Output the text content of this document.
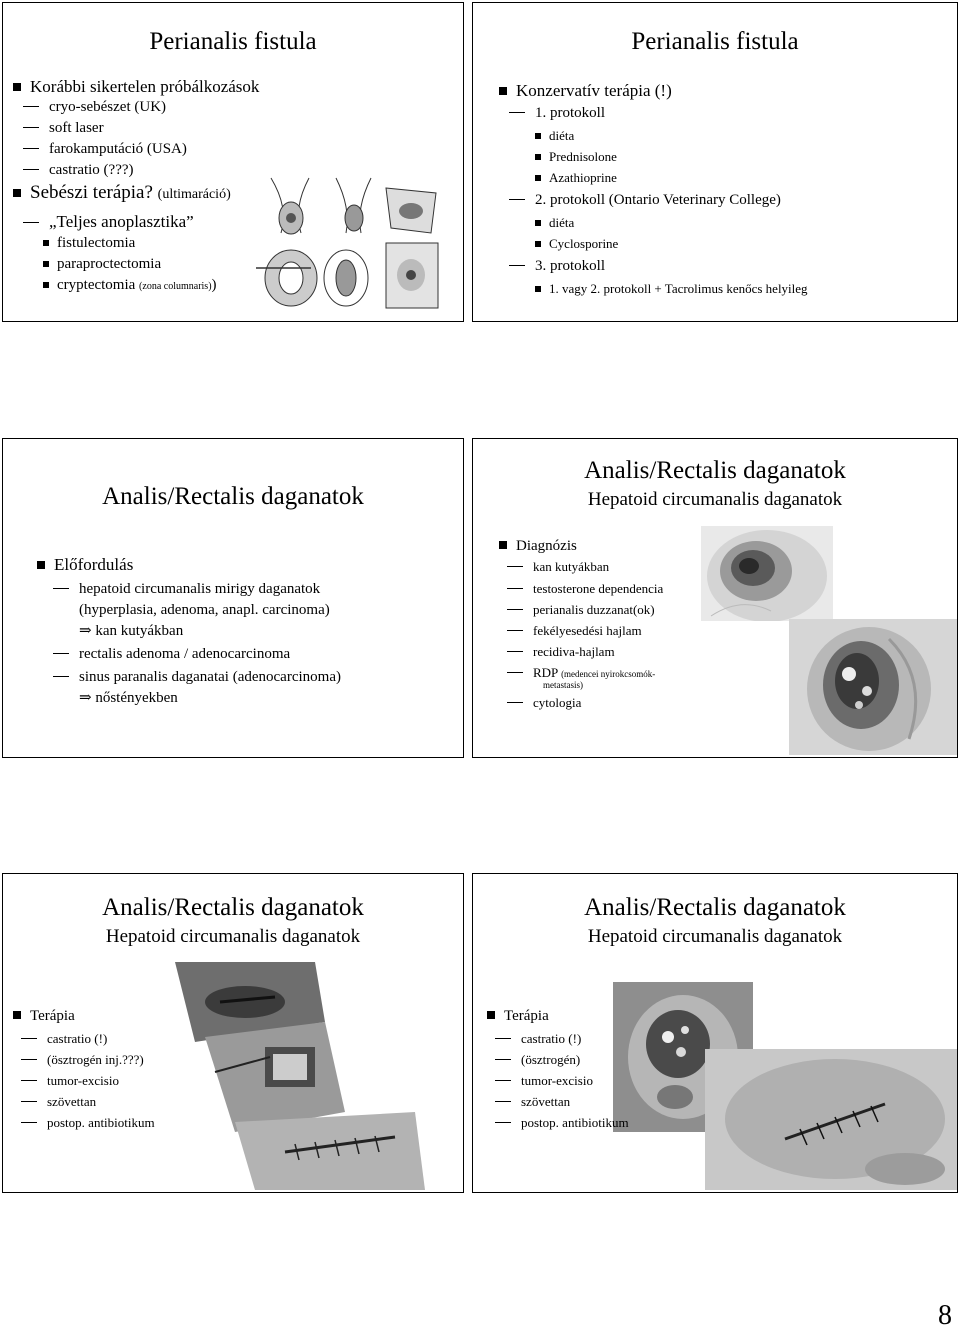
Perianalis fistula
Korábbi sikertelen próbálkozások
cryo-sebészet (UK)
soft laser
farokamputáció (USA)
castratio (???)
Sebészi terápia? (ultimaráció)
„Teljes anoplasztika”
fistulectomia
paraproctectomia
cryptectomia (zona columnaris))
Perianalis fistula
Konzervatív terápia (!)
1. protokoll
diéta
Prednisolone
Azathioprine
2. protokoll (Ontario Veterinary College)
diéta
Cyclosporine
3. protokoll
1. vagy 2. protokoll + Tacrolimus kenőcs helyileg
Analis/Rectalis daganatok
Előfordulás
hepatoid circumanalis mirigy daganatok
(hyperplasia, adenoma, anapl. carcinoma)
⇒ kan kutyákban
rectalis adenoma / adenocarcinoma
sinus paranalis daganatai (adenocarcinoma)
⇒ nőstényekben
Analis/Rectalis daganatok
Hepatoid circumanalis daganatok
Diagnózis
kan kutyákban
testosterone dependencia
perianalis duzzanat(ok)
fekélyesedési hajlam
recidiva-hajlam
RDP (medencei nyirokcsomók-
metastasis)
cytologia
Analis/Rectalis daganatok
Hepatoid circumanalis daganatok
Terápia
castratio (!)
(ösztrogén inj.???)
tumor-excisio
szövettan
postop. antibiotikum
Analis/Rectalis daganatok
Hepatoid circumanalis daganatok
Terápia
castratio (!)
(ösztrogén)
tumor-excisio
szövettan
postop. antibiotikum
8
